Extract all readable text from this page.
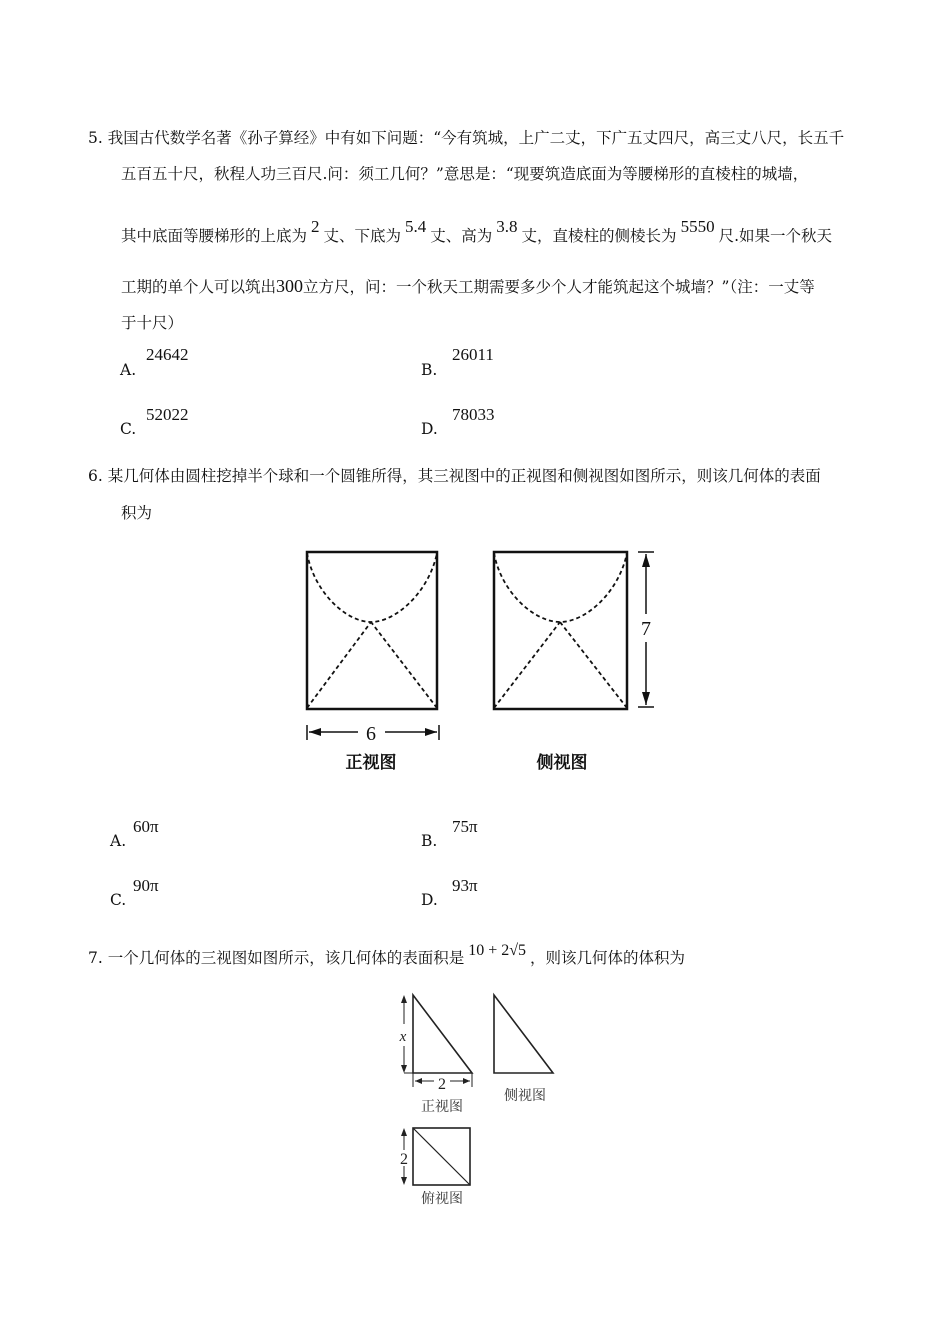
5. 我国古代数学名著《孙子算经》中有如下问题：“今有筑城，上广二丈，下广五丈四尺，高三丈八尺，长五千
五百五十尺，秋程人功三百尺.问：须工几何？”意思是：“现要筑造底面为等腰梯形的直棱柱的城墙，
其中底面等腰梯形的上底为 2 丈、下底为 5.4 丈、高为 3.8 丈，直棱柱的侧棱长为 5550 尺.如果一个秋天
工期的单个人可以筑出300立方尺，问：一个秋天工期需要多少个人才能筑起这个城墙？”（注：一丈等
于十尺）
A.
24642
B.
26011
C.
52022
D.
78033
6. 某几何体由圆柱挖掉半个球和一个圆锥所得，其三视图中的正视图和侧视图如图所示，则该几何体的表面
积为
6
正视图
7
侧视图
x
2
正视图
侧视图
2
俯视图
A.
60π
B.
75π
C.
90π
D.
93π
7. 一个几何体的三视图如图所示，该几何体的表面积是 10 + 2√5 ，则该几何体的体积为
